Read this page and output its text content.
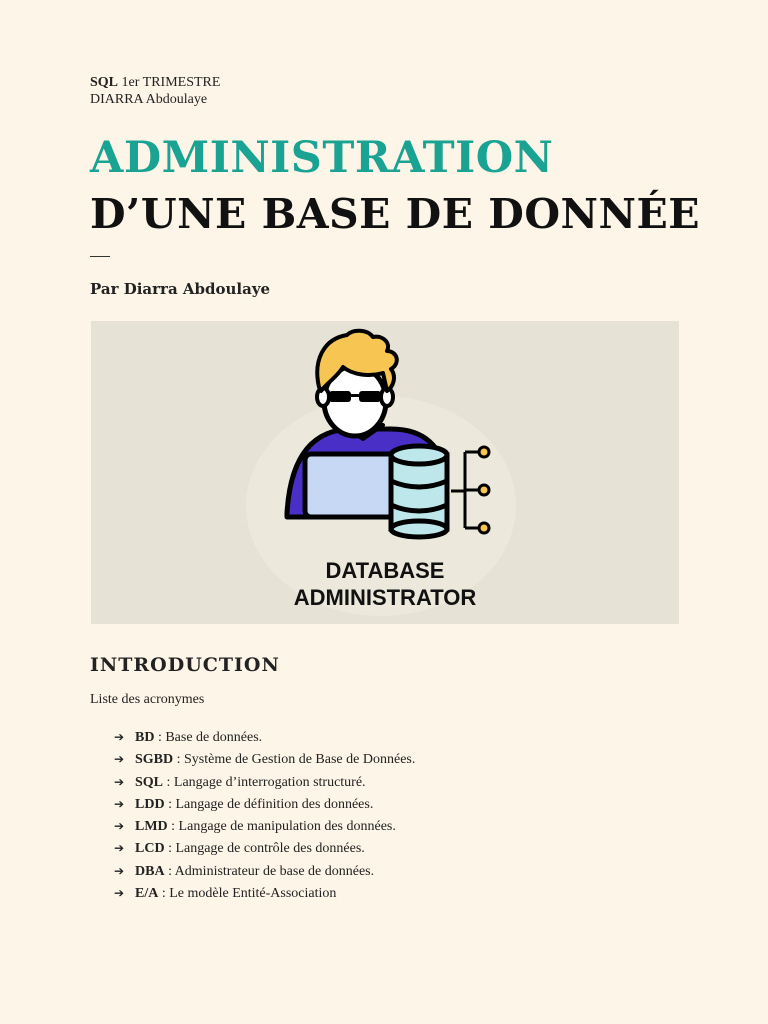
SQL 1er TRIMESTRE
DIARRA Abdoulaye
ADMINISTRATION
D’UNE BASE DE DONNÉE
Par Diarra Abdoulaye
DATABASE
ADMINISTRATOR
INTRODUCTION
Liste des acronymes
➔ BD : Base de données.
➔ SGBD : Système de Gestion de Base de Données.
➔ SQL : Langage d’interrogation structuré.
➔ LDD : Langage de définition des données.
➔ LMD : Langage de manipulation des données.
➔ LCD : Langage de contrôle des données.
➔ DBA : Administrateur de base de données.
➔ E/A : Le modèle Entité-Association
